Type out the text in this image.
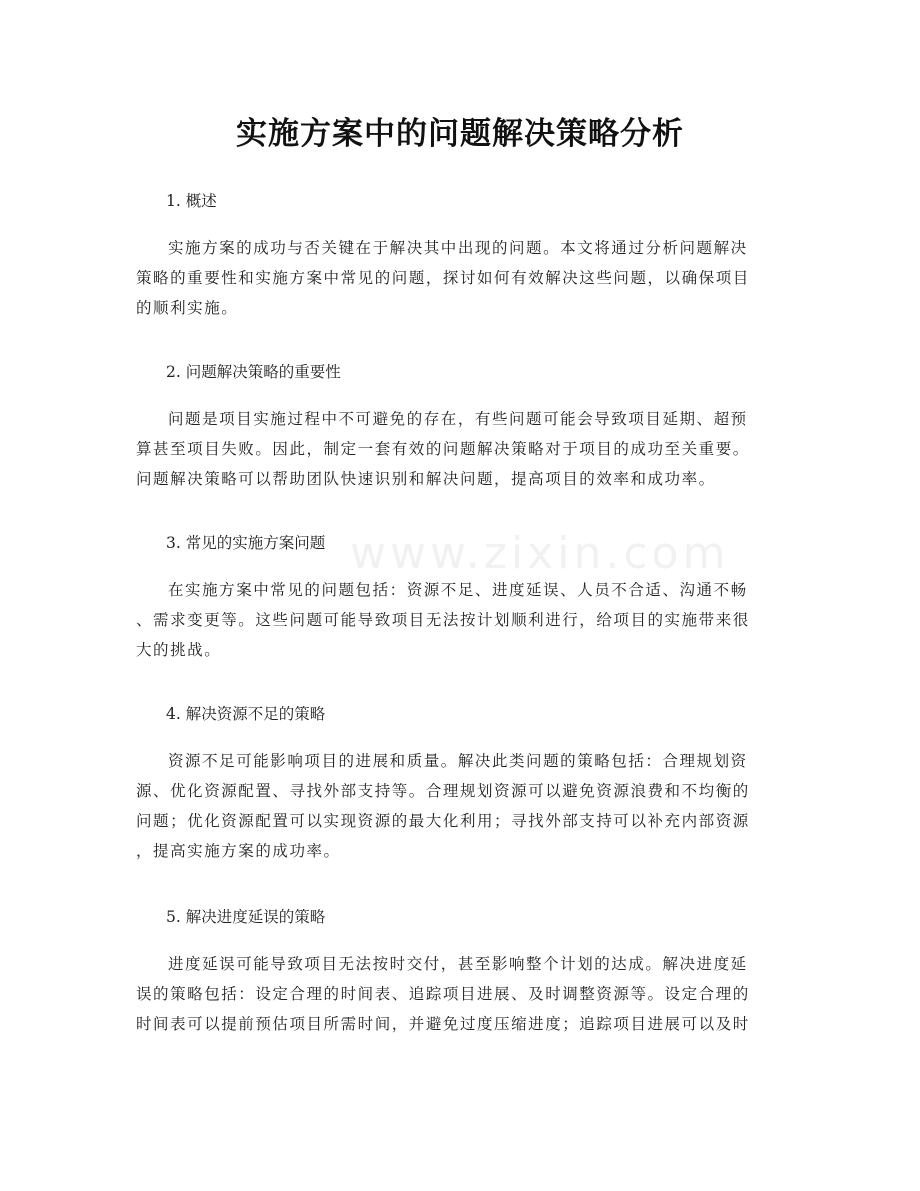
实施方案中的问题解决策略分析
www.zixin.com
1. 概述
实施方案的成功与否关键在于解决其中出现的问题。本文将通过分析问题解决
策略的重要性和实施方案中常见的问题，探讨如何有效解决这些问题，以确保项目
的顺利实施。
2. 问题解决策略的重要性
问题是项目实施过程中不可避免的存在，有些问题可能会导致项目延期、超预
算甚至项目失败。因此，制定一套有效的问题解决策略对于项目的成功至关重要。
问题解决策略可以帮助团队快速识别和解决问题，提高项目的效率和成功率。
3. 常见的实施方案问题
在实施方案中常见的问题包括：资源不足、进度延误、人员不合适、沟通不畅
、需求变更等。这些问题可能导致项目无法按计划顺利进行，给项目的实施带来很
大的挑战。
4. 解决资源不足的策略
资源不足可能影响项目的进展和质量。解决此类问题的策略包括：合理规划资
源、优化资源配置、寻找外部支持等。合理规划资源可以避免资源浪费和不均衡的
问题；优化资源配置可以实现资源的最大化利用；寻找外部支持可以补充内部资源
，提高实施方案的成功率。
5. 解决进度延误的策略
进度延误可能导致项目无法按时交付，甚至影响整个计划的达成。解决进度延
误的策略包括：设定合理的时间表、追踪项目进展、及时调整资源等。设定合理的
时间表可以提前预估项目所需时间，并避免过度压缩进度；追踪项目进展可以及时
